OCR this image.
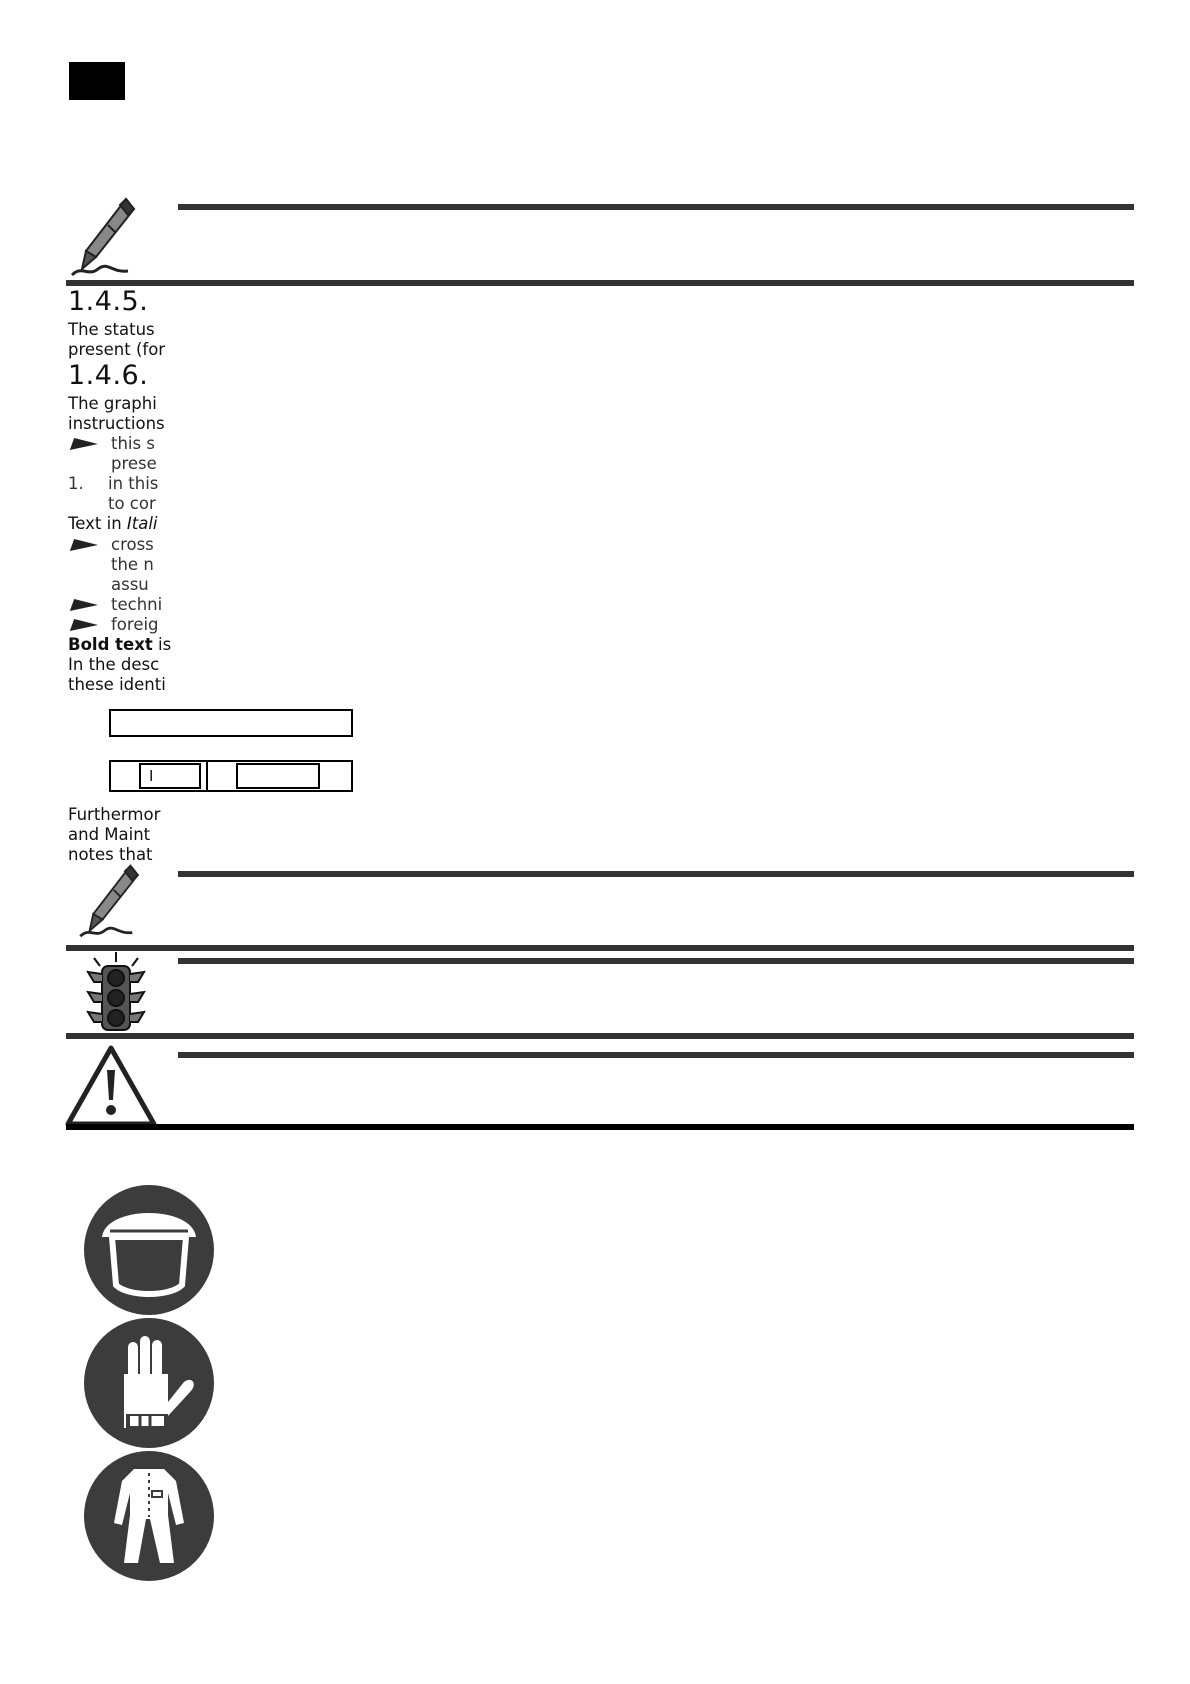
1.4.5.
The status
present (for
1.4.6.
The graphi
instructions
this s
prese
1. in this
to cor
Text in Itali
cross
the n
assu
techni
foreig
Bold text is
In the desc
these identi
I
Furthermor
and Maint
notes that
